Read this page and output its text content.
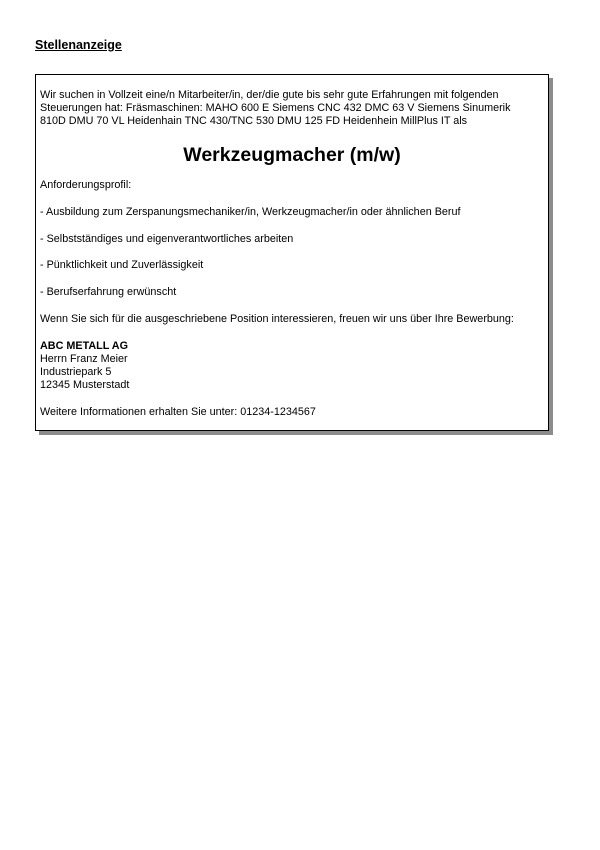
Stellenanzeige

Wir suchen in Vollzeit eine/n Mitarbeiter/in, der/die gute bis sehr gute Erfahrungen mit folgenden
Steuerungen hat: Fräsmaschinen: MAHO 600 E Siemens CNC 432 DMC 63 V Siemens Sinumerik
810D DMU 70 VL Heidenhain TNC 430/TNC 530 DMU 125 FD Heidenhein MillPlus IT als

Werkzeugmacher (m/w)

Anforderungsprofil:

- Ausbildung zum Zerspanungsmechaniker/in, Werkzeugmacher/in oder ähnlichen Beruf
- Selbstständiges und eigenverantwortliches arbeiten
- Pünktlichkeit und Zuverlässigkeit
- Berufserfahrung erwünscht

Wenn Sie sich für die ausgeschriebene Position interessieren, freuen wir uns über Ihre Bewerbung:

ABC METALL AG
Herrn Franz Meier
Industriepark 5
12345 Musterstadt

Weitere Informationen erhalten Sie unter: 01234-1234567
